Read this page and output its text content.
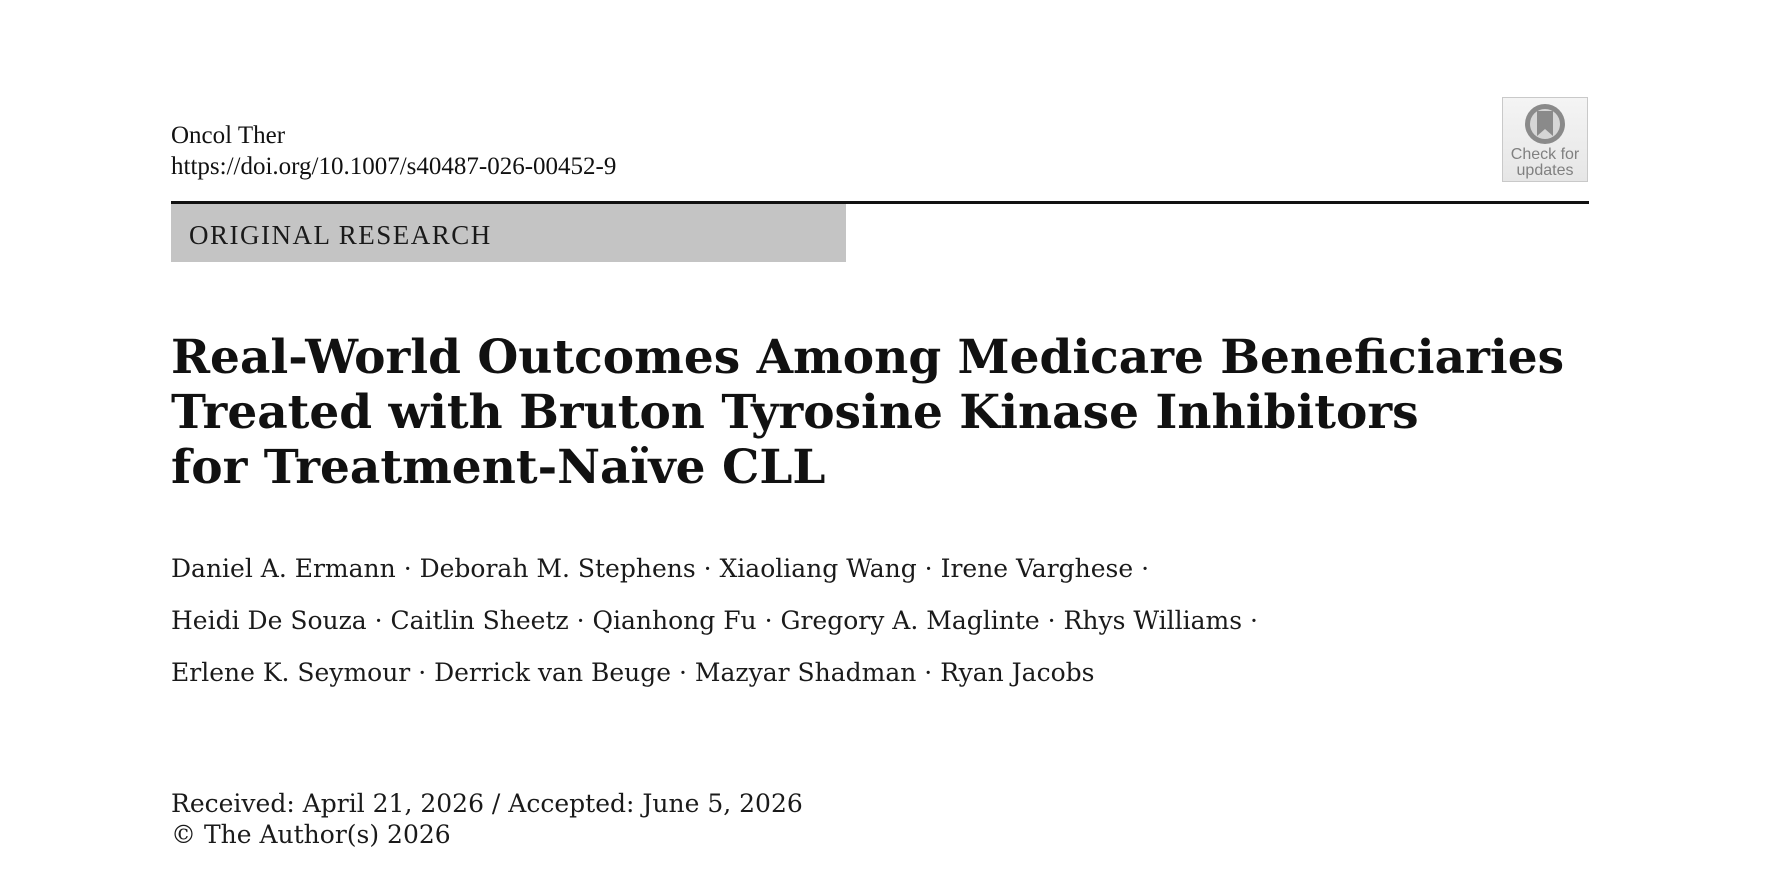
Oncol Ther
https://doi.org/10.1007/s40487-026-00452-9	Check for
updates
ORIGINAL RESEARCH
Real-World Outcomes Among Medicare Beneficiaries
Treated with Bruton Tyrosine Kinase Inhibitors
for Treatment-Naïve CLL
Daniel A. Ermann · Deborah M. Stephens · Xiaoliang Wang · Irene Varghese ·
Heidi De Souza · Caitlin Sheetz · Qianhong Fu · Gregory A. Maglinte · Rhys Williams ·
Erlene K. Seymour · Derrick van Beuge · Mazyar Shadman · Ryan Jacobs
Received: April 21, 2026 / Accepted: June 5, 2026
© The Author(s) 2026
